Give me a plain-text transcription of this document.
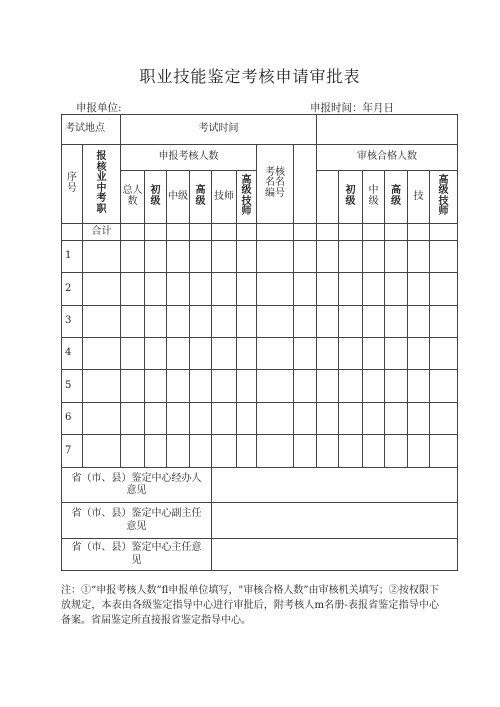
职业技能鉴定考核申请审批表
申报单位:	申报时间：年月日
考试地点		考试时间													
序号	报核业中考职	申报考核人数						考核名名编号		审核合格人数					
		总人数	初级	中级	高级	技师	高级技师				初级	中级	高级	技	高级技师
	合计														
1															
2															
3															
4															
5															
6															
7															
省（市、县）鉴定中心经办人意见															
省（市、县）鉴定中心副主任意见															
省（市、县）鉴定中心主任意见															
注：①“申报考核人数”fl申报单位填写，"审核合格人数”由审核机关填写；②按权限下放规定，本表由各级鉴定指导中心进行审批后，附考核人m名册-表报省鉴定指导中心备案。省届鉴定所直接报省鉴定指导中心。
